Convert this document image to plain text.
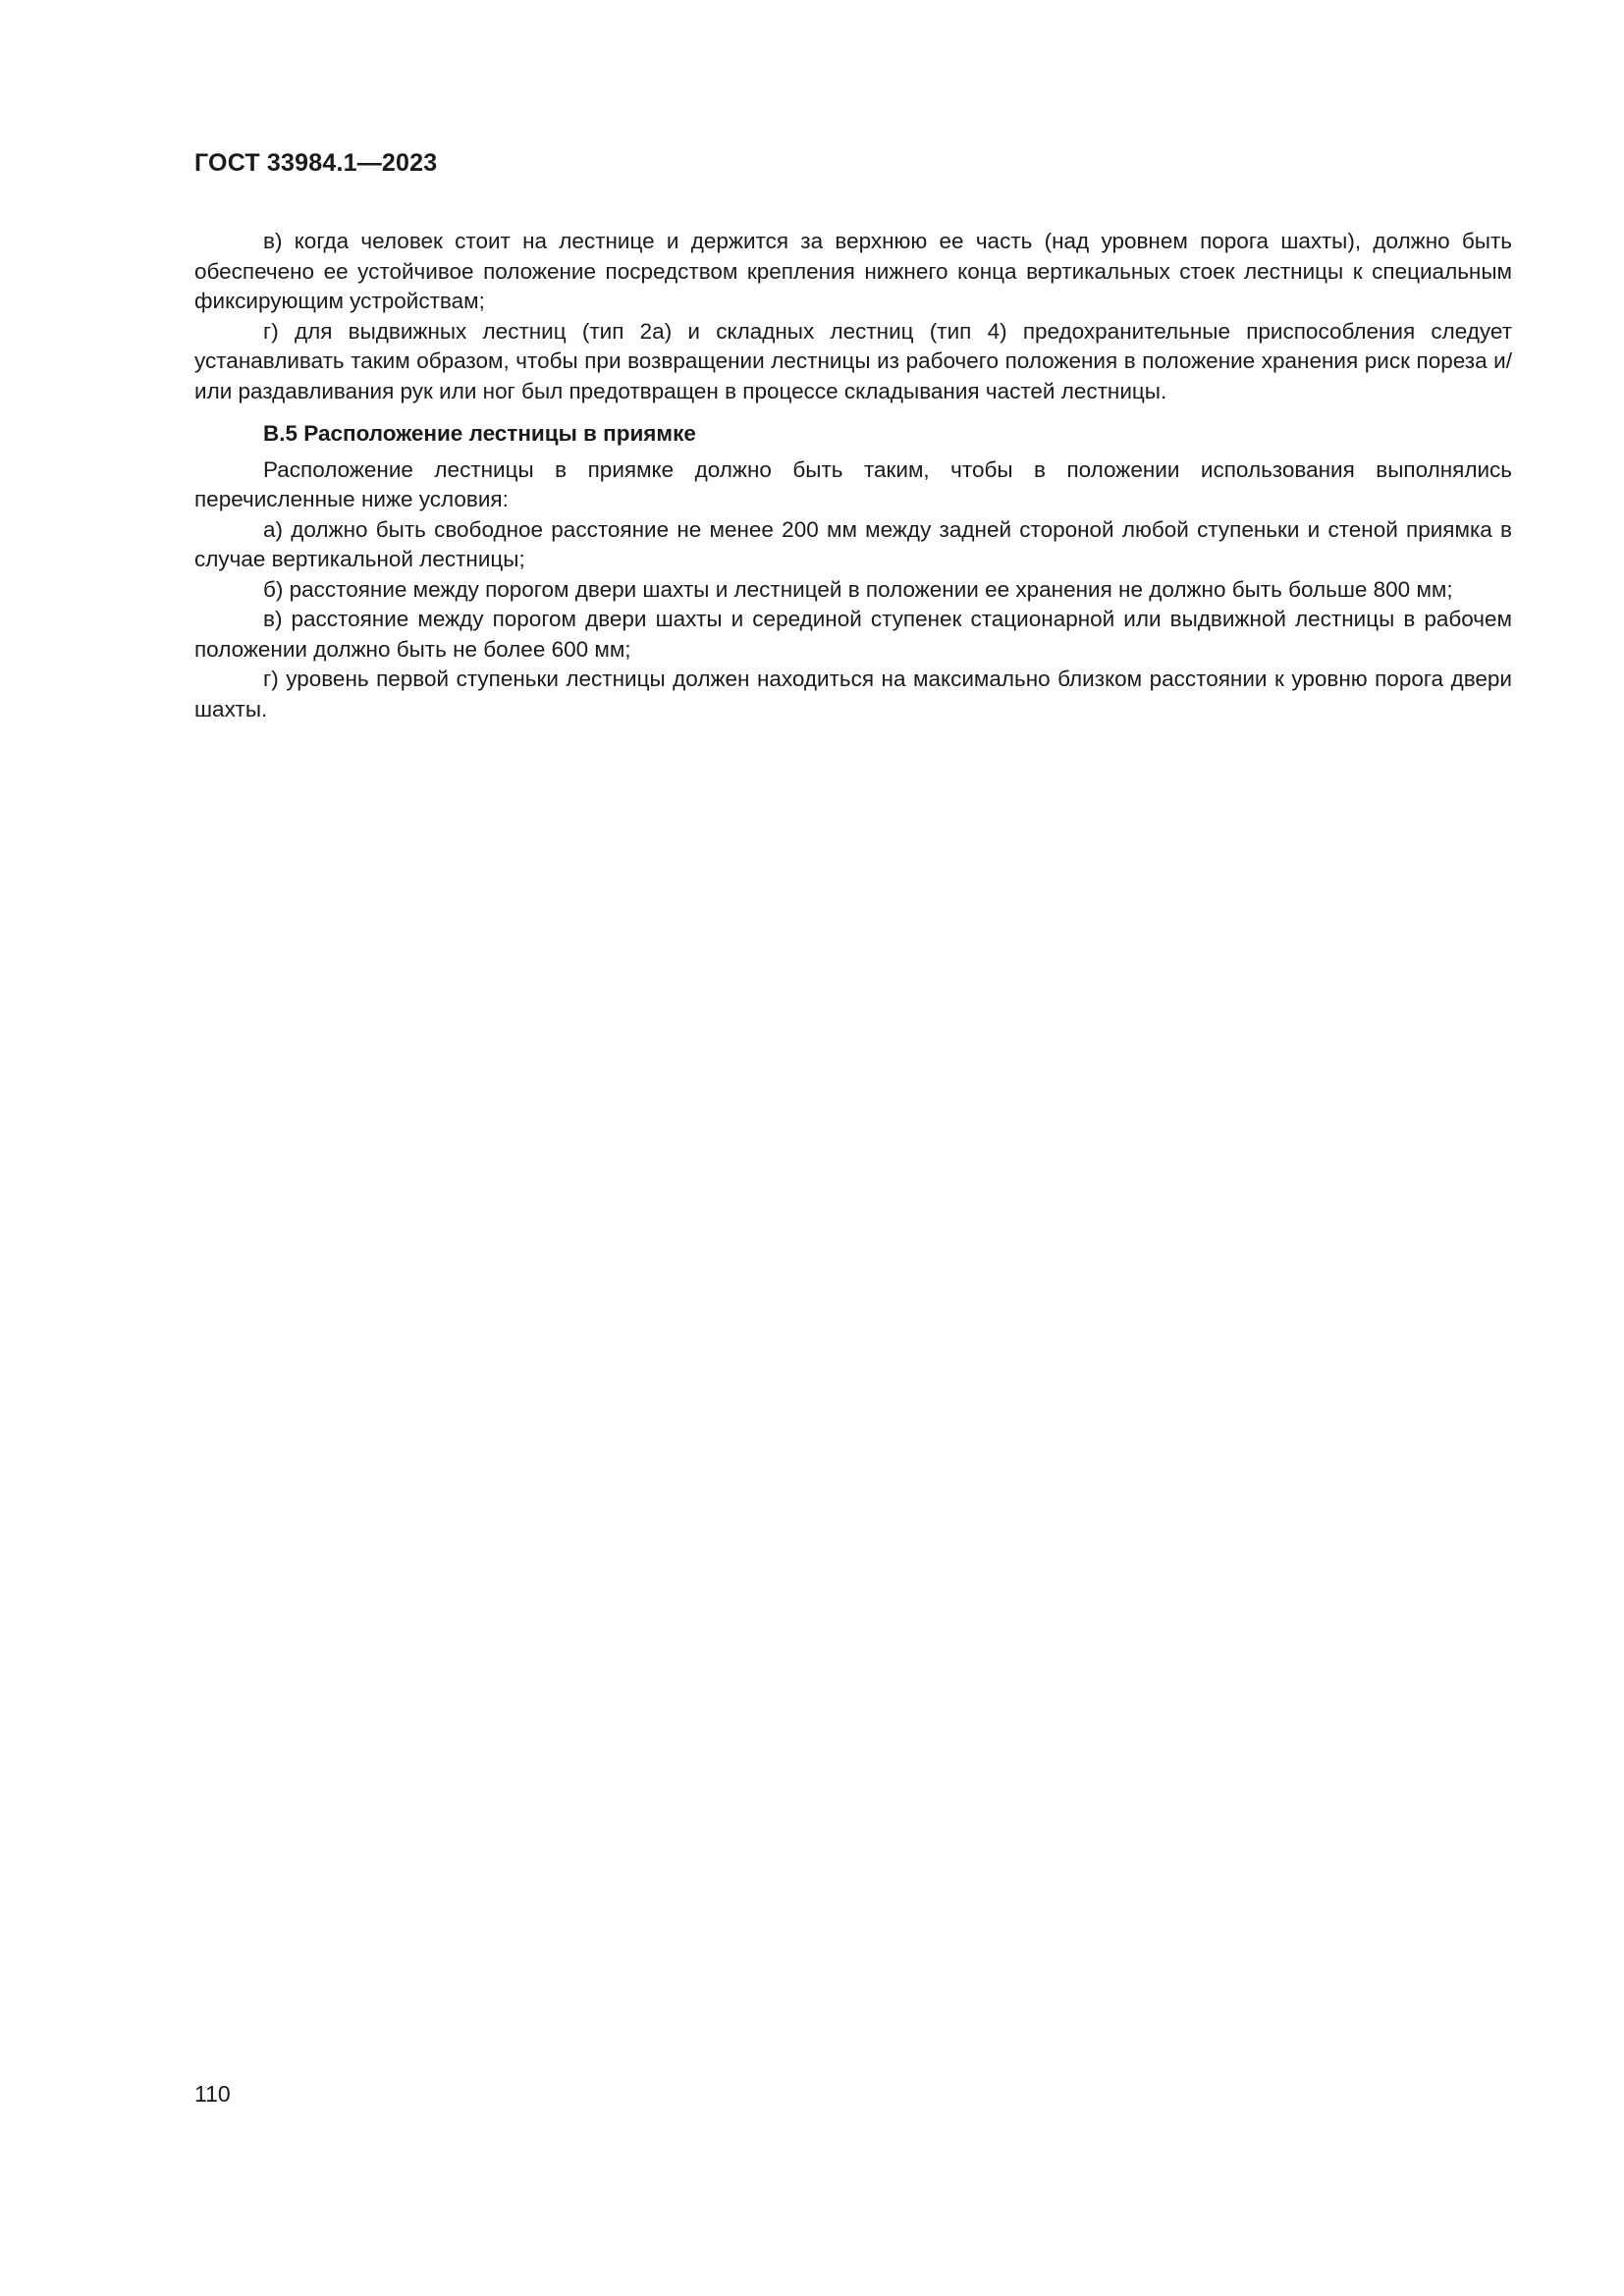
ГОСТ 33984.1—2023

в) когда человек стоит на лестнице и держится за верхнюю ее часть (над уровнем порога шахты), должно быть обеспечено ее устойчивое положение посредством крепления нижнего конца вертикальных стоек лестницы к специальным фиксирующим устройствам;

г) для выдвижных лестниц (тип 2а) и складных лестниц (тип 4) предохранительные приспособления следует устанавливать таким образом, чтобы при возвращении лестницы из рабочего положения в положение хранения риск пореза и/или раздавливания рук или ног был предотвращен в процессе складывания частей лестницы.

В.5 Расположение лестницы в приямке

Расположение лестницы в приямке должно быть таким, чтобы в положении использования выполнялись перечисленные ниже условия:

а) должно быть свободное расстояние не менее 200 мм между задней стороной любой ступеньки и стеной приямка в случае вертикальной лестницы;

б) расстояние между порогом двери шахты и лестницей в положении ее хранения не должно быть больше 800 мм;

в) расстояние между порогом двери шахты и серединой ступенек стационарной или выдвижной лестницы в рабочем положении должно быть не более 600 мм;

г) уровень первой ступеньки лестницы должен находиться на максимально близком расстоянии к уровню порога двери шахты.

110
